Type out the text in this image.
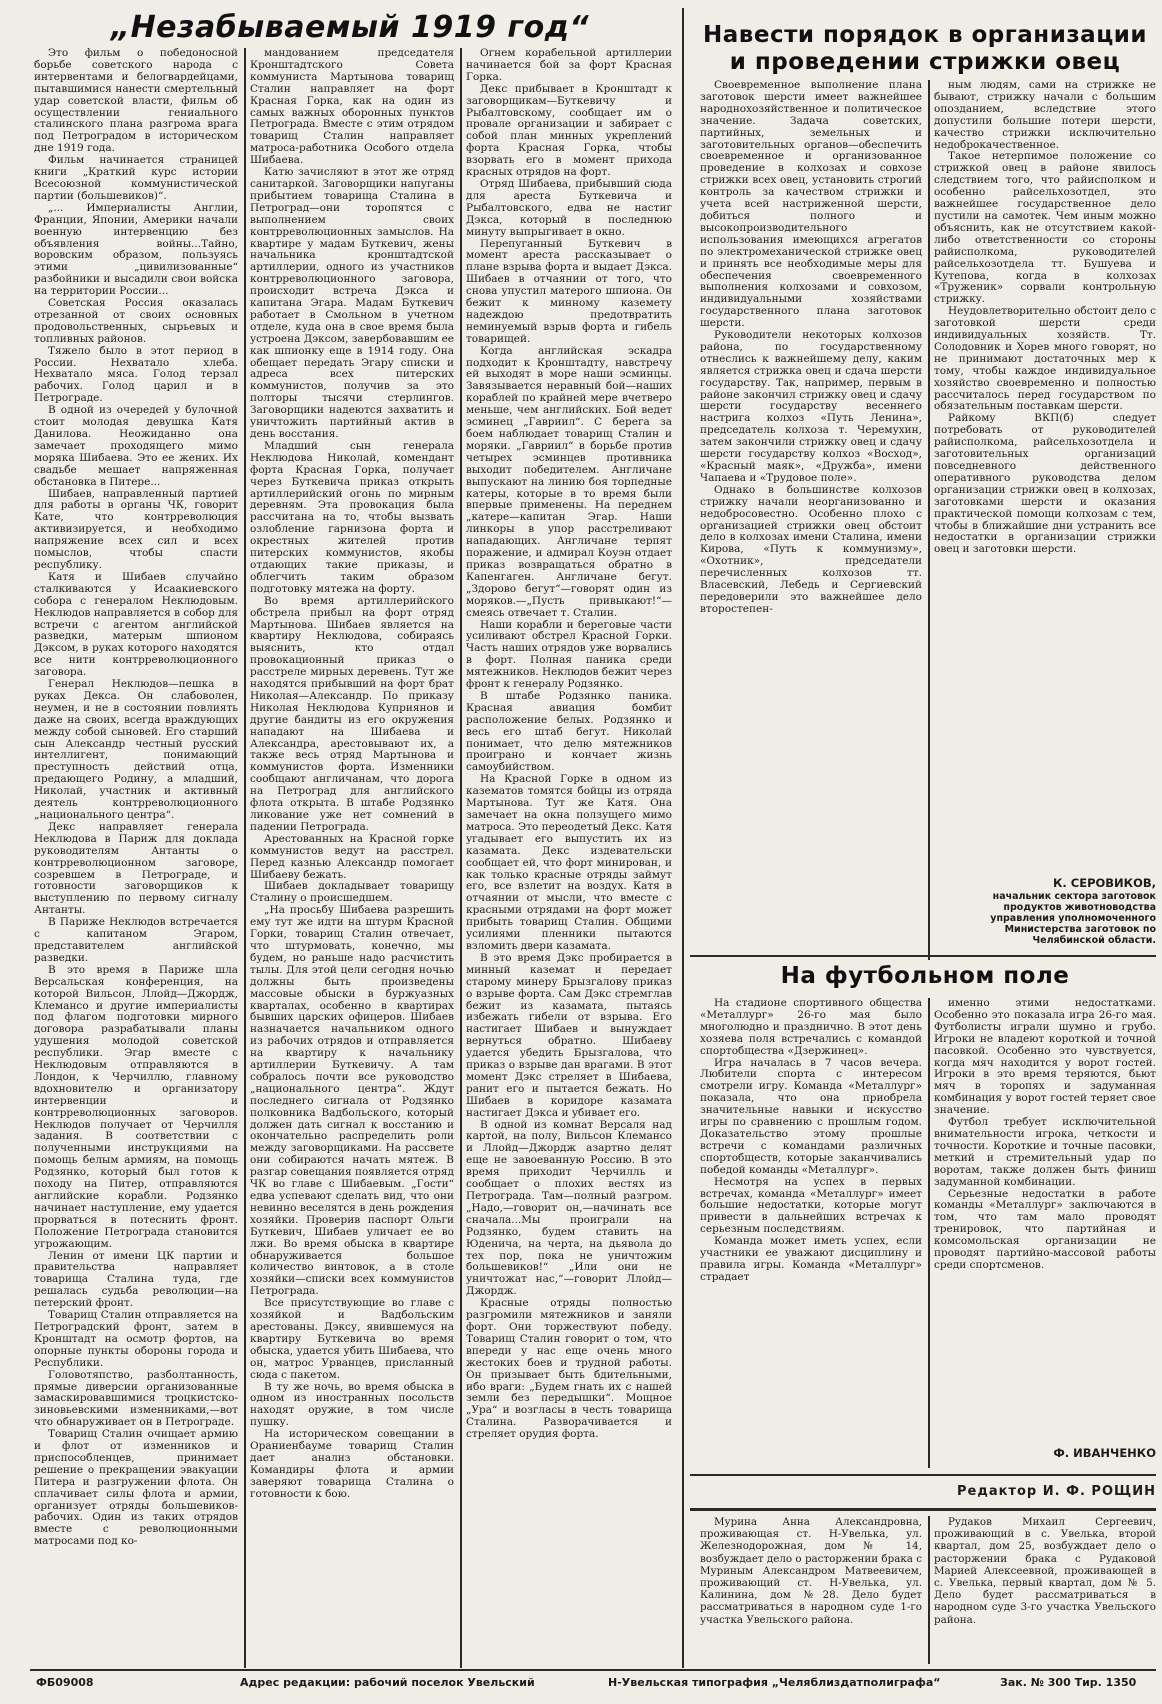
„Незабываемый 1919 год“

Это фильм о победоносной борьбе советского народа с интервентами и белогвардейцами, пытавшимися нанести смертельный удар советской власти, фильм об осуществлении гениального сталинского плана разгрома врага под Петроградом в историческом дне 1919 года.

Фильм начинается страницей книги „Краткий курс истории Всесоюзной коммунистической партии (большевиков)“.

„... Империалисты Англии, Франции, Японии, Америки начали военную интервенцию без объявления войны...Тайно, воровским образом, пользуясь этими „цивилизованные“ разбойники и высадили свои войска на территории России...

Советская Россия оказалась отрезанной от своих основных продовольственных, сырьевых и топливных районов.

Тяжело было в этот период в России. Нехватало хлеба. Нехватало мяса. Голод терзал рабочих. Голод царил и в Петрограде.

В одной из очередей у булочной стоит молодая девушка Катя Данилова. Неожиданно она замечает проходящего мимо моряка Шибаева. Это ее жених. Их свадьбе мешает напряженная обстановка в Питере...

Шибаев, направленный партией для работы в органы ЧК, говорит Кате, что контрреволюция активизируется, и необходимо напряжение всех сил и всех помыслов, чтобы спасти республику.

Катя и Шибаев случайно сталкиваются у Исаакиевского собора с генералом Неклюдовым. Неклюдов направляется в собор для встречи с агентом английской разведки, матерым шпионом Дэксом, в руках которого находятся все нити контрреволюционного заговора.

Генерал Неклюдов—пешка в руках Декса. Он слабоволен, неумен, и не в состоянии повлиять даже на своих, всегда враждующих между собой сыновей. Его старший сын Александр честный русский интеллигент, понимающий преступность действий отца, предающего Родину, а младший, Николай, участник и активный деятель контрреволюционного „национального центра“.

Декс направляет генерала Неклюдова в Париж для доклада руководителям Антанты о контрреволюционном заговоре, созревшем в Петрограде, и готовности заговорщиков к выступлению по первому сигналу Антанты.

В Париже Неклюдов встречается с капитаном Эгаром, представителем английской разведки.

В это время в Париже шла Версальская конференция, на которой Вильсон, Ллойд—Джордж, Клемансо и другие империалисты под флагом подготовки мирного договора разрабатывали планы удушения молодой советской республики. Эгар вместе с Неклюдовым отправляются в Лондон, к Черчиллю, главному вдохновителю и организатору интервенции и контрреволюционных заговоров. Неклюдов получает от Черчилля задания. В соответствии с полученными инструкциями на помощь белым армиям, на помощь Родзянко, который был готов к походу на Питер, отправляются английские корабли. Родзянко начинает наступление, ему удается прорваться в потеснить фронт. Положение Петрограда становится угрожающим.

Ленин от имени ЦК партии и правительства направляет товарища Сталина туда, где решалась судьба революции—на петерский фронт.

Товарищ Сталин отправляется на Петроградский фронт, затем в Кронштадт на осмотр фортов, на опорные пункты обороны города и Республики.

Головотяпство, разболтанность, прямые диверсии организованные замаскировавшимися троцкистско-зиновьевскими изменниками,—вот что обнаруживает он в Петрограде.

Товарищ Сталин очищает армию и флот от изменников и приспособленцев, принимает решение о прекращении эвакуации Питера и разгружении флота. Он сплачивает силы флота и армии, организует отряды большевиков-рабочих. Один из таких отрядов вместе с революционными матросами под ко-

мандованием председателя Кронштадтского Совета коммуниста Мартынова товарищ Сталин направляет на форт Красная Горка, как на один из самых важных оборонных пунктов Петрограда. Вместе с этим отрядом товарищ Сталин направляет матроса-работника Особого отдела Шибаева.

Катю зачисляют в этот же отряд санитаркой. Заговорщики напуганы прибытием товарища Сталина в Петроград—они торопятся с выполнением своих контрреволюционных замыслов. На квартире у мадам Буткевич, жены начальника кронштадтской артиллерии, одного из участников контрреволюционного заговора, происходит встреча Дэкса и капитана Эгара. Мадам Буткевич работает в Смольном в учетном отделе, куда она в свое время была устроена Дэксом, завербовавшим ее как шпионку еще в 1914 году. Она обещает передать Эгару списки и адреса всех питерских коммунистов, получив за это полторы тысячи стерлингов. Заговорщики надеются захватить и уничтожить партийный актив в день восстания.

Младший сын генерала Неклюдова Николай, комендант форта Красная Горка, получает через Буткевича приказ открыть артиллерийский огонь по мирным деревням. Эта провокация была рассчитана на то, чтобы вызвать озлобление гарнизона форта и окрестных жителей против питерских коммунистов, якобы отдающих такие приказы, и облегчить таким образом подготовку мятежа на форту.

Во время артиллерийского обстрела прибыл на форт отряд Мартынова. Шибаев является на квартиру Неклюдова, собираясь выяснить, кто отдал провокационный приказ о расстреле мирных деревень. Тут же находятся прибывший на форт брат Николая—Александр. По приказу Николая Неклюдова Куприянов и другие бандиты из его окружения нападают на Шибаева и Александра, арестовывают их, а также весь отряд Мартынова и коммунистов форта. Изменники сообщают англичанам, что дорога на Петроград для английского флота открыта. В штабе Родзянко ликование уже нет сомнений в падении Петрограда.

Арестованных на Красной горке коммунистов ведут на расстрел. Перед казнью Александр помогает Шибаеву бежать.

Шибаев докладывает товарищу Сталину о происшедшем.

„На просьбу Шибаева разрешить ему тут же идти на штурм Красной Горки, товарищ Сталин отвечает, что штурмовать, конечно, мы будем, но раньше надо расчистить тылы. Для этой цели сегодня ночью должны быть произведены массовые обыски в буржуазных кварталах, особенно в квартирах бывших царских офицеров. Шибаев назначается начальником одного из рабочих отрядов и отправляется на квартиру к начальнику артиллерии Буткевичу. А там собралось почти все руководство „национального центра“. Ждут последнего сигнала от Родзянко полковника Вадбольского, который должен дать сигнал к восстанию и окончательно распределить роли между заговорщиками. На рассвете они собираются начать мятеж. В разгар совещания появляется отряд ЧК во главе с Шибаевым. „Гости“ едва успевают сделать вид, что они невинно веселятся в день рождения хозяйки. Проверив паспорт Ольги Буткевич, Шибаев уличает ее во лжи. Во время обыска в квартире обнаруживается большое количество винтовок, а в столе хозяйки—списки всех коммунистов Петрограда.

Все присутствующие во главе с хозяйкой и Вадбольским арестованы. Дэксу, явившемуся на квартиру Буткевича во время обыска, удается убить Шибаева, что он, матрос Урванцев, присланный сюда с пакетом.

В ту же ночь, во время обыска в одном из иностранных посольств находят оружие, в том числе пушку.

На историческом совещании в Ораниенбауме товарищ Сталин дает анализ обстановки. Командиры флота и армии заверяют товарища Сталина о готовности к бою.

Огнем корабельной артиллерии начинается бой за форт Красная Горка.

Декс прибывает в Кронштадт к заговорщикам—Буткевичу и Рыбалтовскому, сообщает им о провале организации и забирает с собой план минных укреплений форта Красная Горка, чтобы взорвать его в момент прихода красных отрядов на форт.

Отряд Шибаева, прибывший сюда для ареста Буткевича и Рыбалтовского, едва не настиг Дэкса, который в последнюю минуту выпрыгивает в окно.

Перепуганный Буткевич в момент ареста рассказывает о плане взрыва форта и выдает Дэкса. Шибаев в отчаянии от того, что снова упустил матерого шпиона. Он бежит к минному каземету надеждою предотвратить неминуемый взрыв форта и гибель товарищей.

Когда английская эскадра подходит к Кронштадту, навстречу ей выходят в море наши эсминцы. Завязывается неравный бой—наших кораблей по крайней мере вчетверо меньше, чем английских. Бой ведет эсминец „Гавриил“. С берега за боем наблюдает товарищ Сталин и моряки. „Гавриил“ в борьбе против четырех эсминцев противника выходит победителем. Англичане выпускают на линию боя торпедные катеры, которые в то время были впервые применены. На переднем „катере—капитан Эгар. Наши линкоры в упор расстреливают нападающих. Англичане терпят поражение, и адмирал Коуэн отдает приказ возвращаться обратно в Капенгаген. Англичане бегут. „Здорово бегут“—говорят один из моряков.—„Пусть привыкают!“—смеясь отвечает т. Сталин.

Наши корабли и береговые части усиливают обстрел Красной Горки. Часть наших отрядов уже ворвались в форт. Полная паника среди мятежников. Неклюдов бежит через фронт к генералу Родзянко.

В штабе Родзянко паника. Красная авиация бомбит расположение белых. Родзянко и весь его штаб бегут. Николай понимает, что делю мятежников проиграно и кончает жизнь самоубийством.

На Красной Горке в одном из казематов томятся бойцы из отряда Мартынова. Тут же Катя. Она замечает на окна ползущего мимо матроса. Это переодетый Декс. Катя угадывает его выпустить их из казамата. Декс издевательски сообщает ей, что форт минирован, и как только красные отряды займут его, все взлетит на воздух. Катя в отчаянии от мысли, что вместе с красными отрядами на форт может прибыть товарищ Сталин. Общими усилиями пленники пытаются взломить двери казамата.

В это время Дэкс пробирается в минный каземат и передает старому минеру Брызгалову приказ о взрыве форта. Сам Дэкс стремглав бежит из казамата, пытаясь избежать гибели от взрыва. Его настигает Шибаев и вынуждает вернуться обратно. Шибаеву удается убедить Брызгалова, что приказ о взрыве дан врагами. В этот момент Дэкс стреляет в Шибаева, ранит его и пытается бежать. Но Шибаев в коридоре казамата настигает Дэкса и убивает его.

В одной из комнат Версаля над картой, на полу, Вильсон Клемансо и Ллойд—Джордж азартно делят еще не завоеванную Россию. В это время приходит Черчилль и сообщает о плохих вестях из Петрограда. Там—полный разгром. „Надо,—говорит он,—начинать все сначала...Мы проиграли на Родзянко, будем ставить на Юденича, на черта, на дьявола до тех пор, пока не уничтожим большевиков!“ „Или они не уничтожат нас,“—говорит Ллойд—Джордж.

Красные отряды полностью разгромили мятежников и заняли форт. Они торжествуют победу. Товарищ Сталин говорит о том, что впереди у нас еще очень много жестоких боев и трудной работы. Он призывает быть бдительными, ибо враги: „Будем гнать их с нашей земли без передышки“. Мощное „Ура“ и возгласы в честь товарища Сталина. Разворачивается и стреляет орудия форта.

Навести порядок в организации и проведении стрижки овец

Своевременное выполнение плана заготовок шерсти имеет важнейшее народнохозяйственное и политическое значение. Задача советских, партийных, земельных и заготовительных органов—обеспечить своевременное и организованное проведение в колхозах и совхозе стрижки всех овец, установить строгий контроль за качеством стрижки и учета всей настриженной шерсти, добиться полного и высокопроизводительного использования имеющихся агрегатов по электромеханической стрижке овец и принять все необходимые меры для обеспечения своевременного выполнения колхозами и совхозом, индивидуальными хозяйствами государственного плана заготовок шерсти.

Руководители некоторых колхозов района, по государственному отнеслись к важнейшему делу, каким является стрижка овец и сдача шерсти государству. Так, например, первым в районе закончил стрижку овец и сдачу шерсти государству весеннего настрига колхоз «Путь Ленина», председатель колхоза т. Черемухин, затем закончили стрижку овец и сдачу шерсти государству колхоз «Восход», «Красный маяк», «Дружба», имени Чапаева и «Трудовое поле».

Однако в большинстве колхозов стрижку начали неорганизованно и недобросовестно. Особенно плохо с организацией стрижки овец обстоит дело в колхозах имени Сталина, имени Кирова, «Путь к коммунизму», «Охотник», председатели перечисленных колхозов тт. Власевский, Лебедь и Сергиевский передоверили это важнейшее дело второстепен-

ным людям, сами на стрижке не бывают, стрижку начали с большим опозданием, вследствие этого допустили большие потери шерсти, качество стрижки исключительно недоброкачественное.

Такое нетерпимое положение со стрижкой овец в районе явилось следствием того, что райисполком и особенно райсельхозотдел, это важнейшее государственное дело пустили на самотек. Чем иным можно объяснить, как не отсутствием какой-либо ответственности со стороны райисполкома, руководителей райсельхозотдела тт. Бушуева и Кутепова, когда в колхозах «Труженик» сорвали контрольную стрижку.

Неудовлетворительно обстоит дело с заготовкой шерсти среди индивидуальных хозяйств. Тт. Солодовник и Хорев много говорят, но не принимают достаточных мер к тому, чтобы каждое индивидуальное хозяйство своевременно и полностью рассчиталось перед государством по обязательным поставкам шерсти.

Райкому ВКП(б) следует потребовать от руководителей райисполкома, райсельхозотдела и заготовительных организаций повседневного действенного оперативного руководства делом организации стрижки овец в колхозах, заготовками шерсти и оказания практической помощи колхозам с тем, чтобы в ближайшие дни устранить все недостатки в организации стрижки овец и заготовки шерсти.

К. СЕРОВИКОВ,
начальник сектора заготовок продуктов животноводства управления уполномоченного Министерства заготовок по Челябинской области.
На футбольном поле

На стадионе спортивного общества «Металлург» 26-го мая было многолюдно и празднично. В этот день хозяева поля встречались с командой спортобщества «Дзержинец».

Игра началась в 7 часов вечера. Любители спорта с интересом смотрели игру. Команда «Металлург» показала, что она приобрела значительные навыки и искусство игры по сравнению с прошлым годом. Доказательство этому прошлые встречи с командами различных спортобществ, которые заканчивались победой команды «Металлург».

Несмотря на успех в первых встречах, команда «Металлург» имеет большие недостатки, которые могут привести в дальнейших встречах к серьезным последствиям.

Команда может иметь успех, если участники ее уважают дисциплину и правила игры. Команда «Металлург» страдает

именно этими недостатками. Особенно это показала игра 26-го мая. Футболисты играли шумно и грубо. Игроки не владеют короткой и точной пасовкой. Особенно это чувствуется, когда мяч находится у ворот гостей. Игроки в это время теряются, бьют мяч в торопях и задуманная комбинация у ворот гостей теряет свое значение.

Футбол требует исключительной внимательности игрока, четкости и точности. Короткие и точные пасовки, меткий и стремительный удар по воротам, также должен быть финиш задуманной комбинации.

Серьезные недостатки в работе команды «Металлург» заключаются в том, что там мало проводят тренировок, что партийная и комсомольская организации не проводят партийно-массовой работы среди спортсменов.

Ф. ИВАНЧЕНКО
Редактор И. Ф. РОЩИН

Мурина Анна Александровна, проживающая ст. Н-Увелька, ул. Железнодорожная, дом № 14, возбуждает дело о расторжении брака с Муриным Александром Матвеевичем, проживающий ст. Н-Увелька, ул. Калинина, дом №28. Дело будет рассматриваться в народном суде 1-го участка Увельского района.

Рудаков Михаил Сергеевич, проживающий в с. Увелька, второй квартал, дом 25, возбуждает дело о расторжении брака с Рудаковой Марией Алексеевной, проживающей в с. Увелька, первый квартал, дом № 5. Дело будет рассматриваться в народном суде 3-го участка Увельского района.

ФБ09008	Адрес редакции: рабочий поселок Увельский	Н-Увельская типография „Челяблиздатполиграфа“	Зак. № 300 Тир. 1350
